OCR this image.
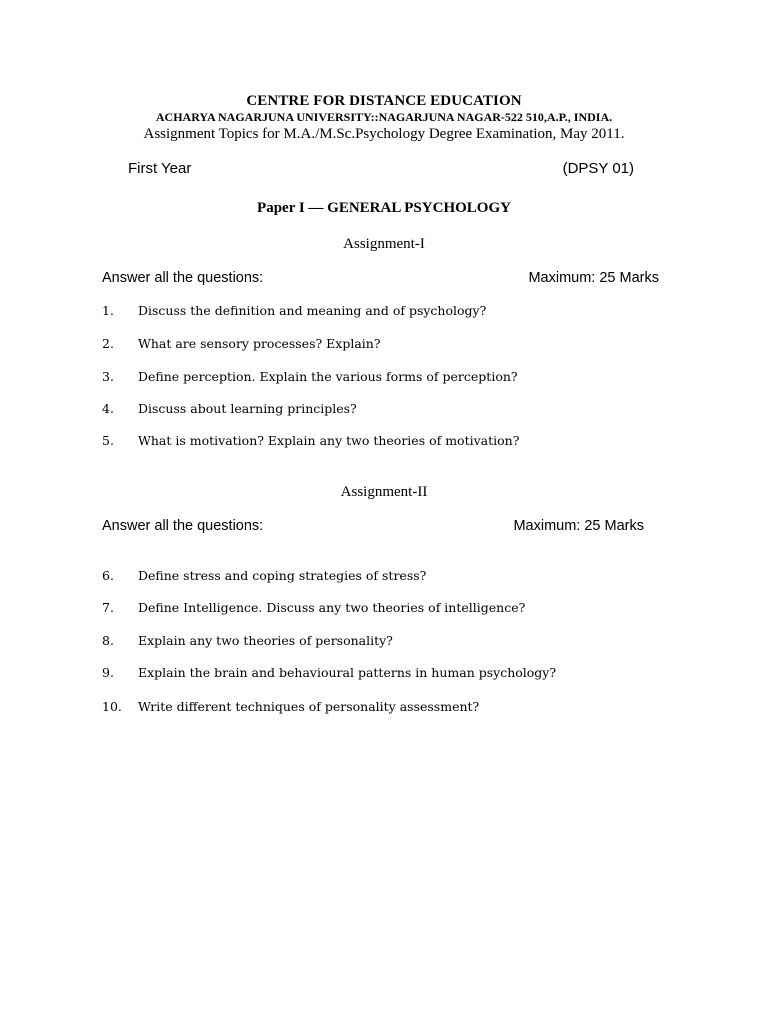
CENTRE FOR DISTANCE EDUCATION
ACHARYA NAGARJUNA UNIVERSITY::NAGARJUNA NAGAR-522 510,A.P., INDIA.
Assignment Topics for M.A./M.Sc.Psychology Degree Examination, May 2011.
First Year	(DPSY 01)
Paper I — GENERAL PSYCHOLOGY
Assignment-I
Answer all the questions:	Maximum: 25 Marks
1. Discuss the definition and meaning and of psychology?
2. What are sensory processes? Explain?
3. Define perception. Explain the various forms of perception?
4. Discuss about learning principles?
5. What is motivation? Explain any two theories of motivation?
Assignment-II
Answer all the questions:	Maximum: 25 Marks
6. Define stress and coping strategies of stress?
7. Define Intelligence. Discuss any two theories of intelligence?
8. Explain any two theories of personality?
9. Explain the brain and behavioural patterns in human psychology?
10. Write different techniques of personality assessment?
